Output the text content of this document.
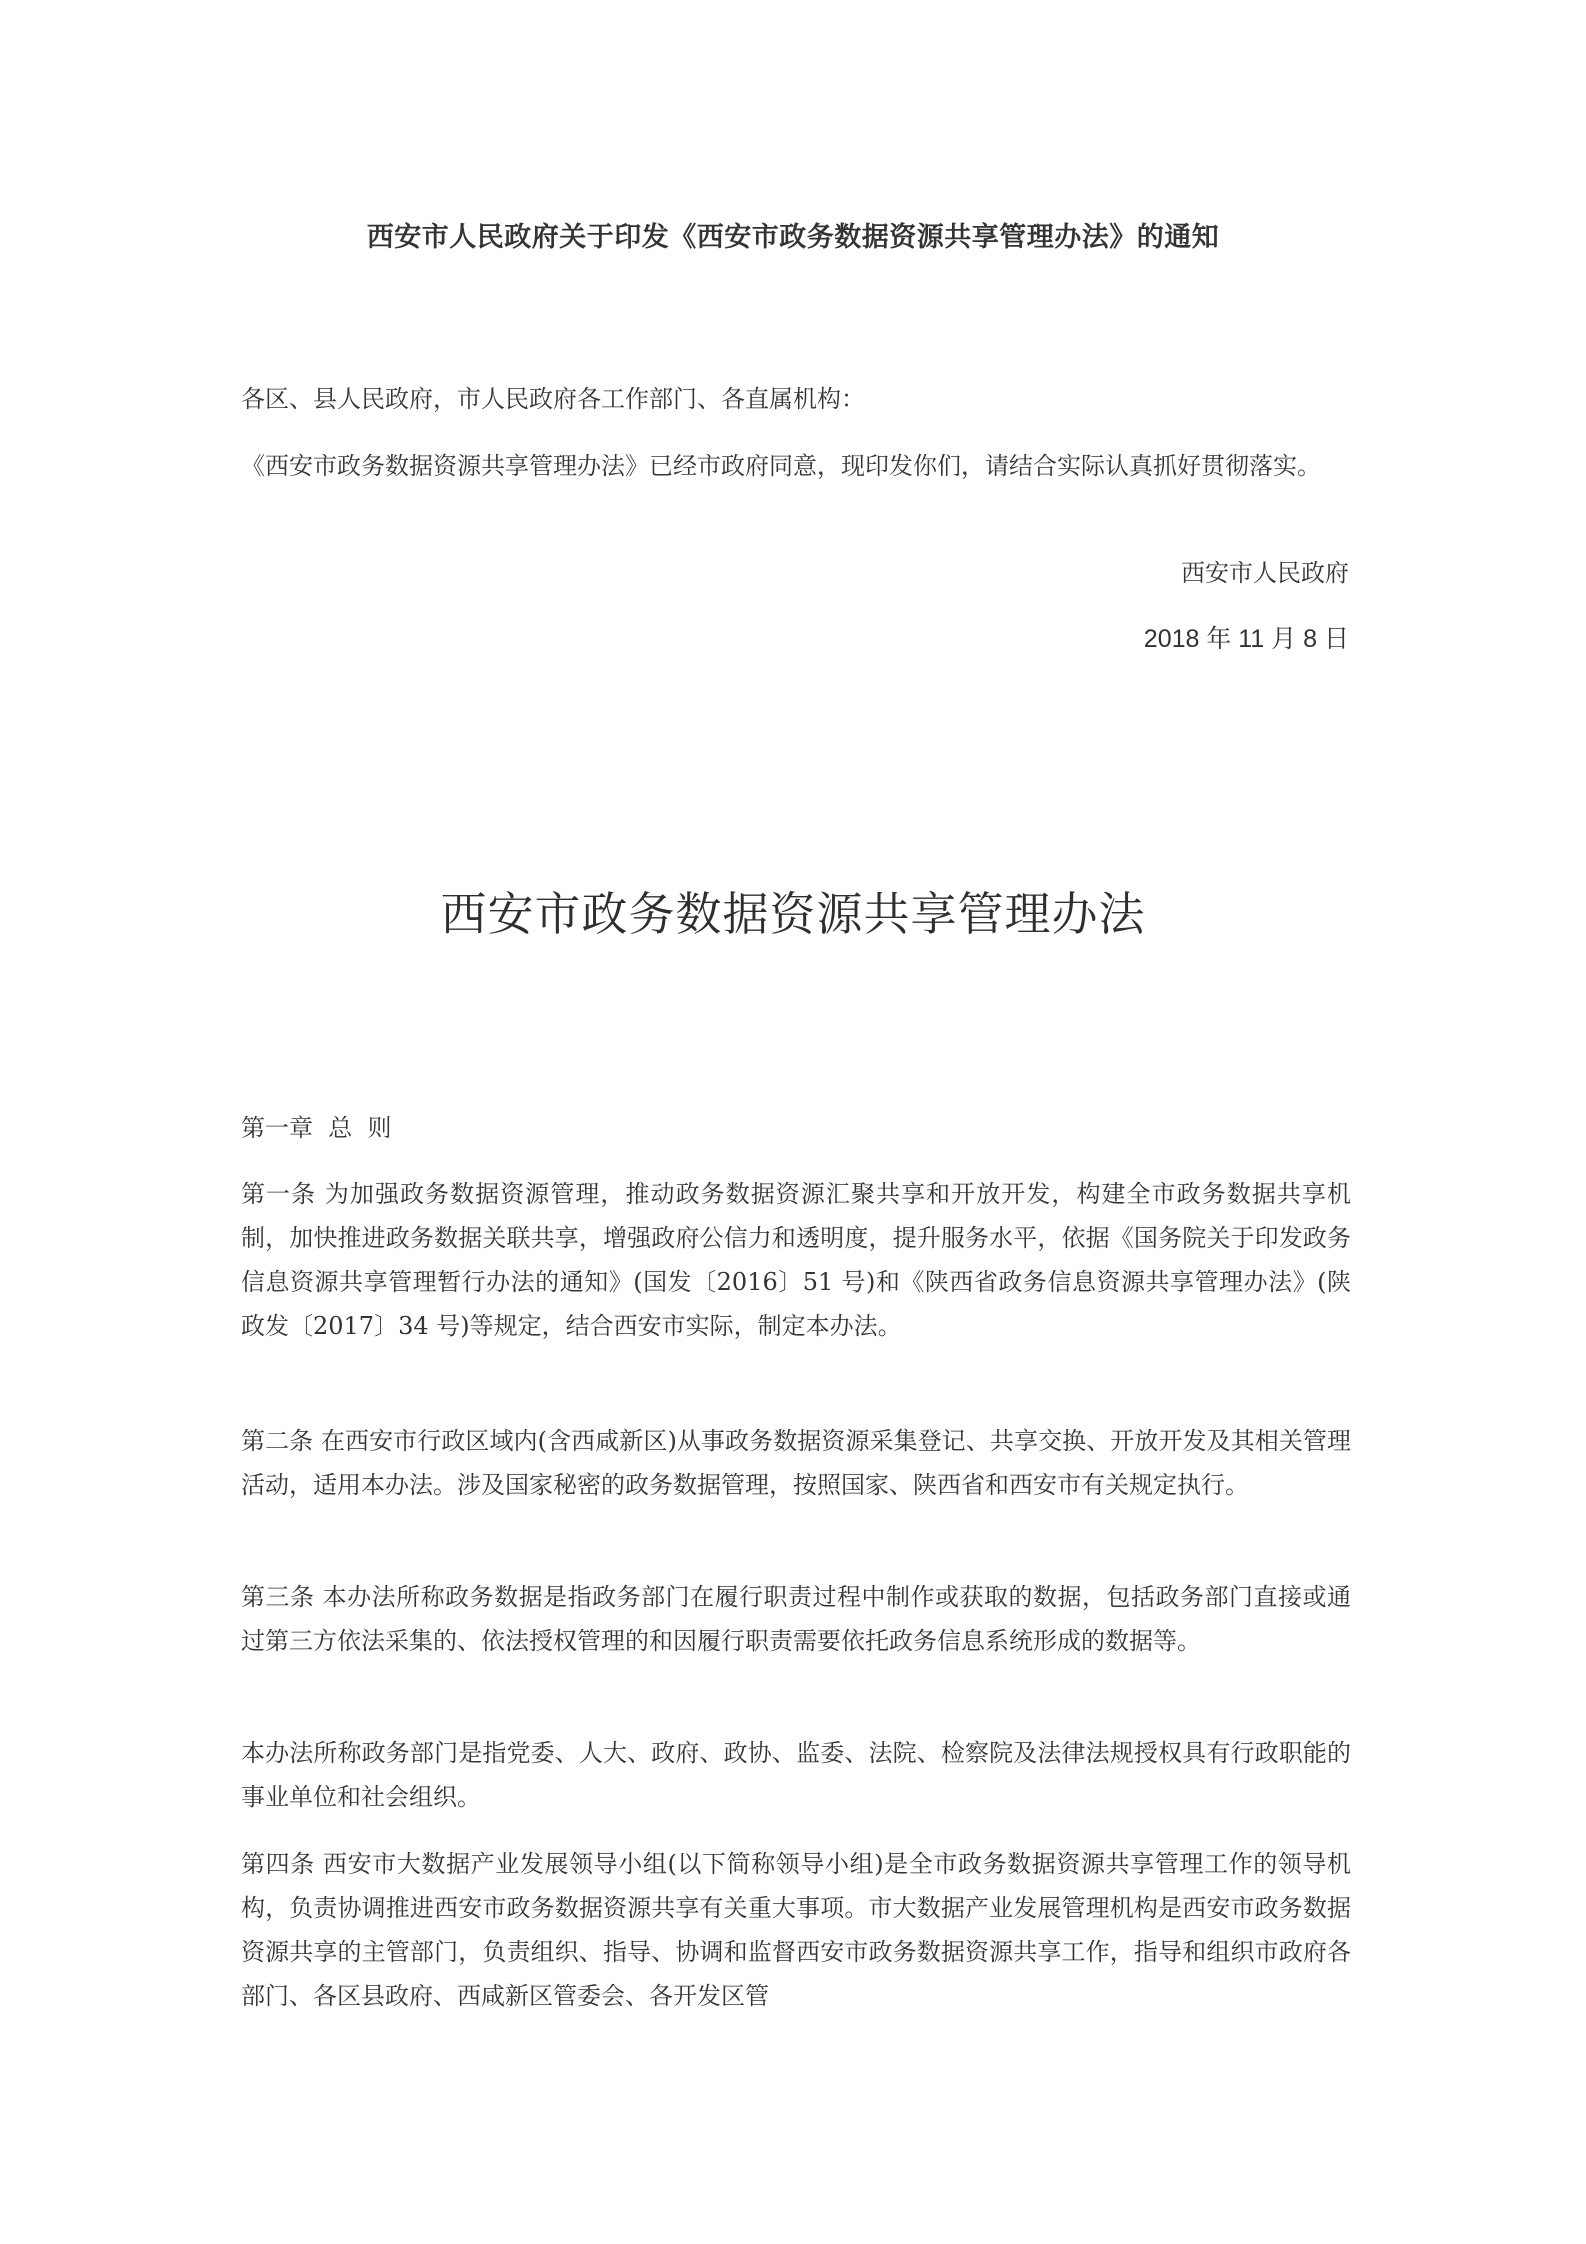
西安市人民政府关于印发《西安市政务数据资源共享管理办法》的通知

各区、县人民政府，市人民政府各工作部门、各直属机构：

《西安市政务数据资源共享管理办法》已经市政府同意，现印发你们，请结合实际认真抓好贯彻落实。

西安市人民政府
2018 年 11 月 8 日
西安市政务数据资源共享管理办法

第一章  总  则

第一条 为加强政务数据资源管理，推动政务数据资源汇聚共享和开放开发，构建全市政务数据共享机制，加快推进政务数据关联共享，增强政府公信力和透明度，提升服务水平，依据《国务院关于印发政务信息资源共享管理暂行办法的通知》(国发〔2016〕51 号)和《陕西省政务信息资源共享管理办法》(陕政发〔2017〕34 号)等规定，结合西安市实际，制定本办法。

第二条 在西安市行政区域内(含西咸新区)从事政务数据资源采集登记、共享交换、开放开发及其相关管理活动，适用本办法。涉及国家秘密的政务数据管理，按照国家、陕西省和西安市有关规定执行。

第三条 本办法所称政务数据是指政务部门在履行职责过程中制作或获取的数据，包括政务部门直接或通过第三方依法采集的、依法授权管理的和因履行职责需要依托政务信息系统形成的数据等。

本办法所称政务部门是指党委、人大、政府、政协、监委、法院、检察院及法律法规授权具有行政职能的事业单位和社会组织。

第四条 西安市大数据产业发展领导小组(以下简称领导小组)是全市政务数据资源共享管理工作的领导机构，负责协调推进西安市政务数据资源共享有关重大事项。市大数据产业发展管理机构是西安市政务数据资源共享的主管部门，负责组织、指导、协调和监督西安市政务数据资源共享工作，指导和组织市政府各部门、各区县政府、西咸新区管委会、各开发区管
